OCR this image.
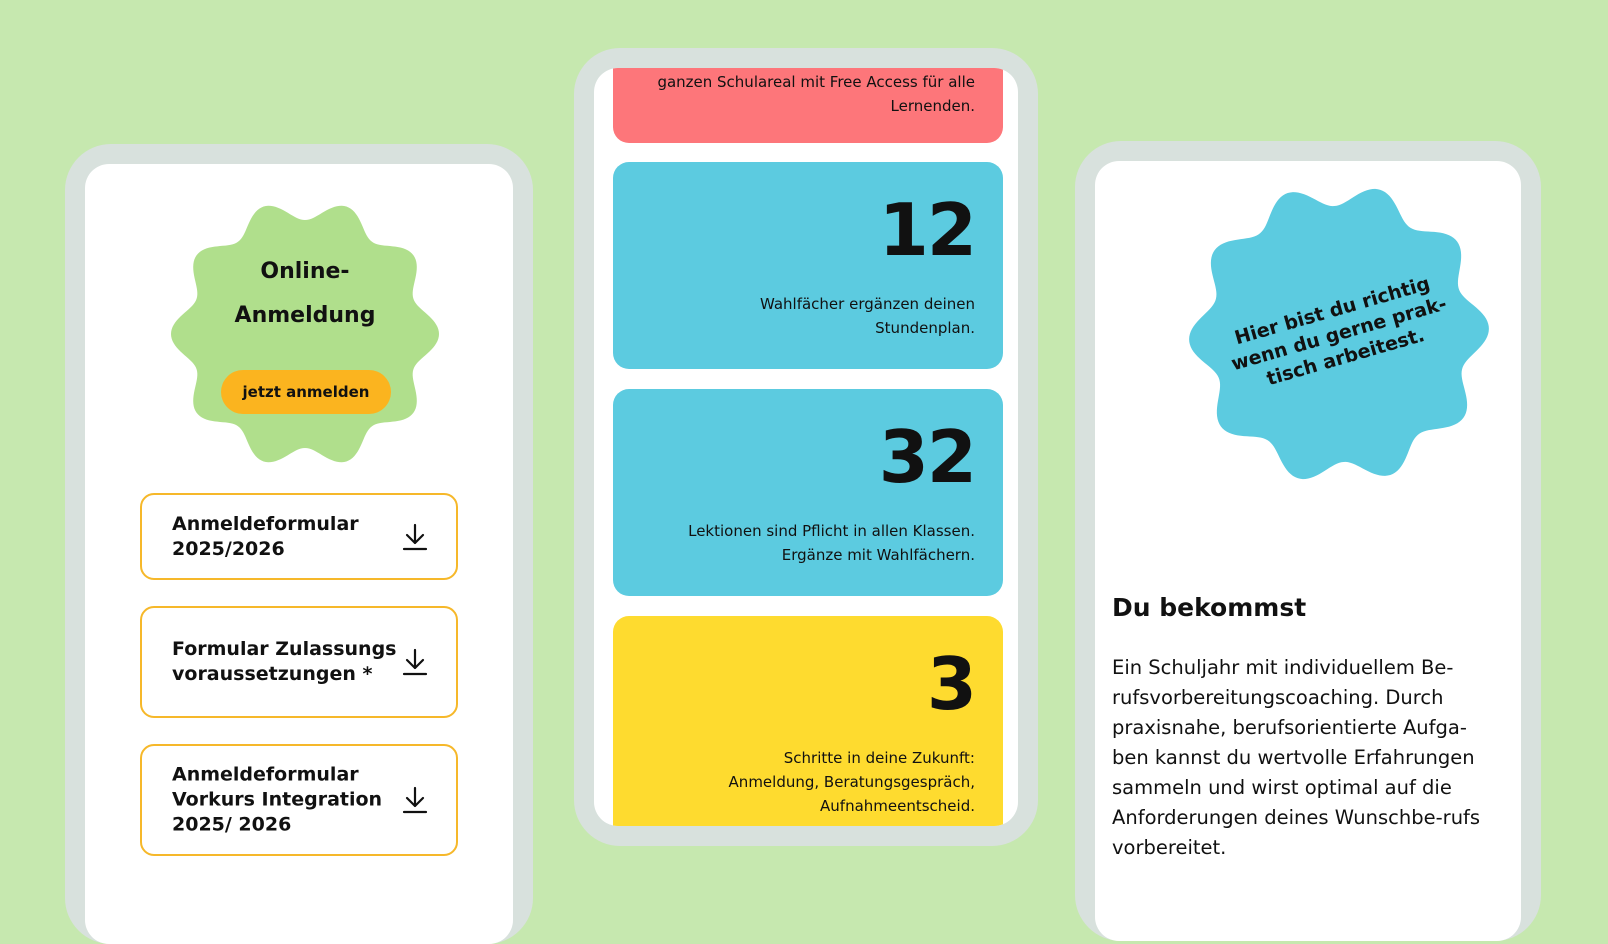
Online-
Anmeldung
jetzt anmelden
Anmeldeformular 2025/2026
Formular Zulassungsvoraussetzungen *
Anmeldeformular Vorkurs Integration 2025/ 2026
ganzen Schulareal mit Free Access für alle Lernenden.
12
Wahlfächer ergänzen deinen Stundenplan.
32
Lektionen sind Pflicht in allen Klassen. Ergänze mit Wahlfächern.
3
Schritte in deine Zukunft: Anmeldung, Beratungsgespräch, Aufnahmeentscheid.
Hier bist du richtig wenn du gerne prak-tisch arbeitest.
Du bekommst
Ein Schuljahr mit individuellem Be-rufsvorbereitungscoaching. Durch praxisnahe, berufsorientierte Aufga-ben kannst du wertvolle Erfahrungen sammeln und wirst optimal auf die Anforderungen deines Wunschbe-rufs vorbereitet.
